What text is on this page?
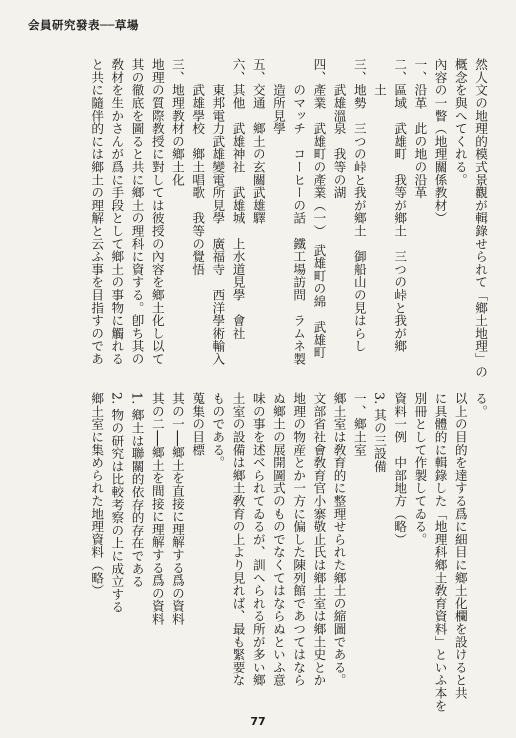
会員研究發表──草場
然人文の地理的模式景觀が輯錄せられて「鄉土地理」の
概念を與へてくれる。
內容の一瞥（地理關係教材）
一、沿革　此の地の沿革
二、區域　武雄町　我等が鄉土　三つの峠と我が鄉
　　土
三、地勢　三つの峠と我が鄉土　御船山の見はらし
　　武雄溫泉　我等の湖
四、產業　武雄町の產業（一）　武雄町の綿　武雄町
　　のマッチ　コーヒーの話　鐵工場訪問　ラムネ製
　　造所見學
五、交通　鄉土の玄關武雄驛
六、其他　武雄神社　武雄城　上水道見學　會社
　　東邦電力武雄變電所見學　廣福寺　西洋學術輸入
　　武雄學校　鄉土唱歌　我等の覺悟
三、地理教材の鄉土化
地理の質際教授に對しては彼授の內容を鄉土化し以て
其の徹底を圖ると共に鄉土の理科に資する。卽ち其の
敎材を生かさんが爲に手段として鄉土の事物に觸れる
と共に隨伴的には鄉土の理解と云ふ事を目指すのであ
る。
以上の目的を達する爲に細目に鄉土化欄を設けると共
に具體的に輯錄した「地理科鄉土敎育資料」といふ本を
別冊として作製してゐる。
資料一例　中部地方（略）
3. 其の三設備
一、鄉土室
鄉土室は敎育的に整理せられた鄉土の縮圖である。
文部省社會敎育官小寨敬止氏は鄉土室は鄉土史とか
地理の物産とか一方に偏した陳列館であつてはなら
ぬ鄉土の展開圖式のものでなくてはならぬといふ意
味の事を述べられてゐるが、訓へられる所が多い鄉
土室の設備は鄉土敎育の上より見れば、最も緊要な
ものである。
蒐集の目標
其の一──鄉土を直接に理解する爲の資料
其の二──鄉土を間接に理解する爲の資料
1. 鄉土は聯關的依存的存在である
2. 物の研究は比較考察の上に成立する
鄉土室に集められた地理資料（略）
77
